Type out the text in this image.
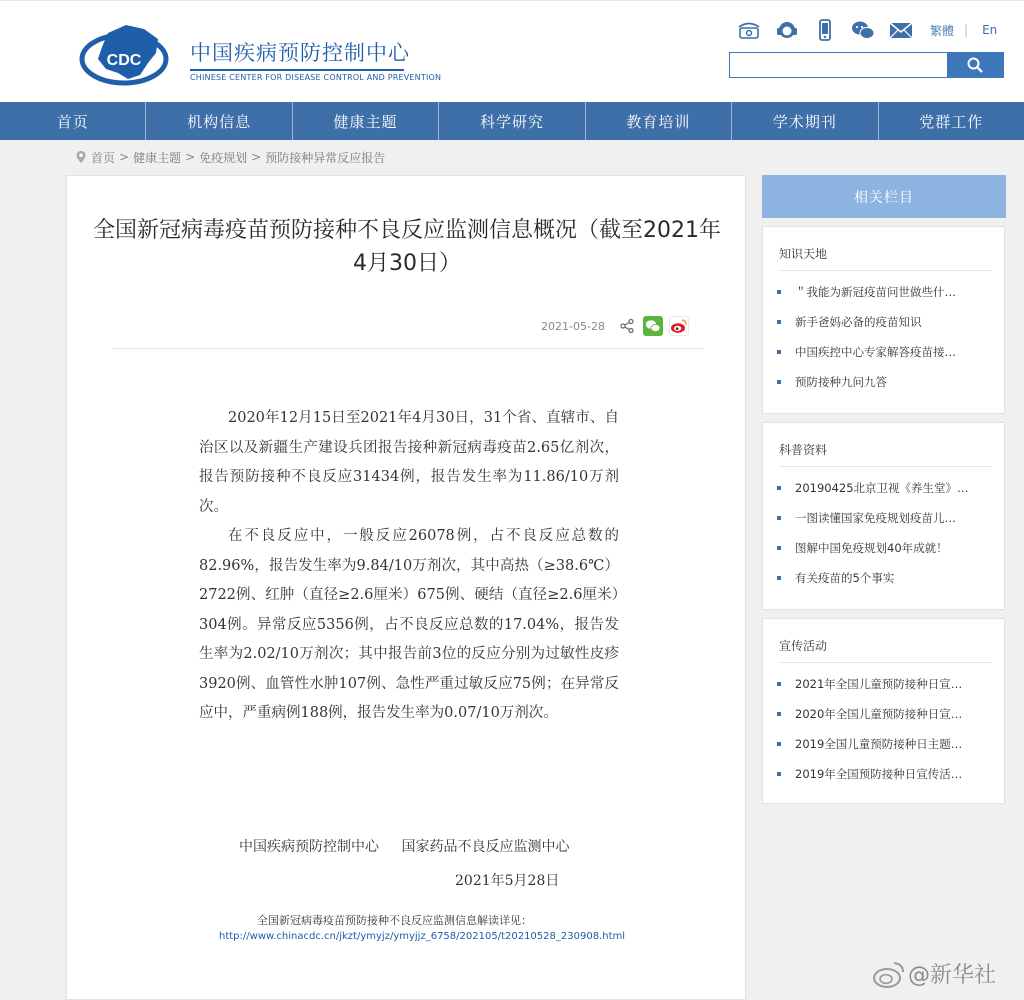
CDC 中国疾病预防控制中心
CHINESE CENTER FOR DISEASE CONTROL AND PREVENTION
繁體 | En
首页	机构信息	健康主题	科学研究	教育培训	学术期刊	党群工作
首页 > 健康主题 > 免疫规划 > 预防接种异常反应报告
全国新冠病毒疫苗预防接种不良反应监测信息概况（截至2021年4月30日）
2021-05-28

2020年12月15日至2021年4月30日，31个省、直辖市、自治区以及新疆生产建设兵团报告接种新冠病毒疫苗2.65亿剂次，报告预防接种不良反应31434例，报告发生率为11.86/10万剂次。

在不良反应中，一般反应26078例，占不良反应总数的82.96%，报告发生率为9.84/10万剂次，其中高热（≥38.6℃）2722例、红肿（直径≥2.6厘米）675例、硬结（直径≥2.6厘米）304例。异常反应5356例，占不良反应总数的17.04%，报告发生率为2.02/10万剂次；其中报告前3位的反应分别为过敏性皮疹3920例、血管性水肿107例、急性严重过敏反应75例；在异常反应中，严重病例188例，报告发生率为0.07/10万剂次。

中国疾病预防控制中心 国家药品不良反应监测中心
2021年5月28日
全国新冠病毒疫苗预防接种不良反应监测信息解读详见：
http://www.chinacdc.cn/jkzt/ymyjz/ymyjjz_6758/202105/t20210528_230908.html
相关栏目
知识天地
＂我能为新冠疫苗问世做些什…
新手爸妈必备的疫苗知识
中国疾控中心专家解答疫苗接…
预防接种九问九答
科普资料
20190425北京卫视《养生堂》…
一图读懂国家免疫规划疫苗儿…
图解中国免疫规划40年成就！
有关疫苗的5个事实
宣传活动
2021年全国儿童预防接种日宣…
2020年全国儿童预防接种日宣…
2019全国儿童预防接种日主题…
2019年全国预防接种日宣传活…
@新华社
